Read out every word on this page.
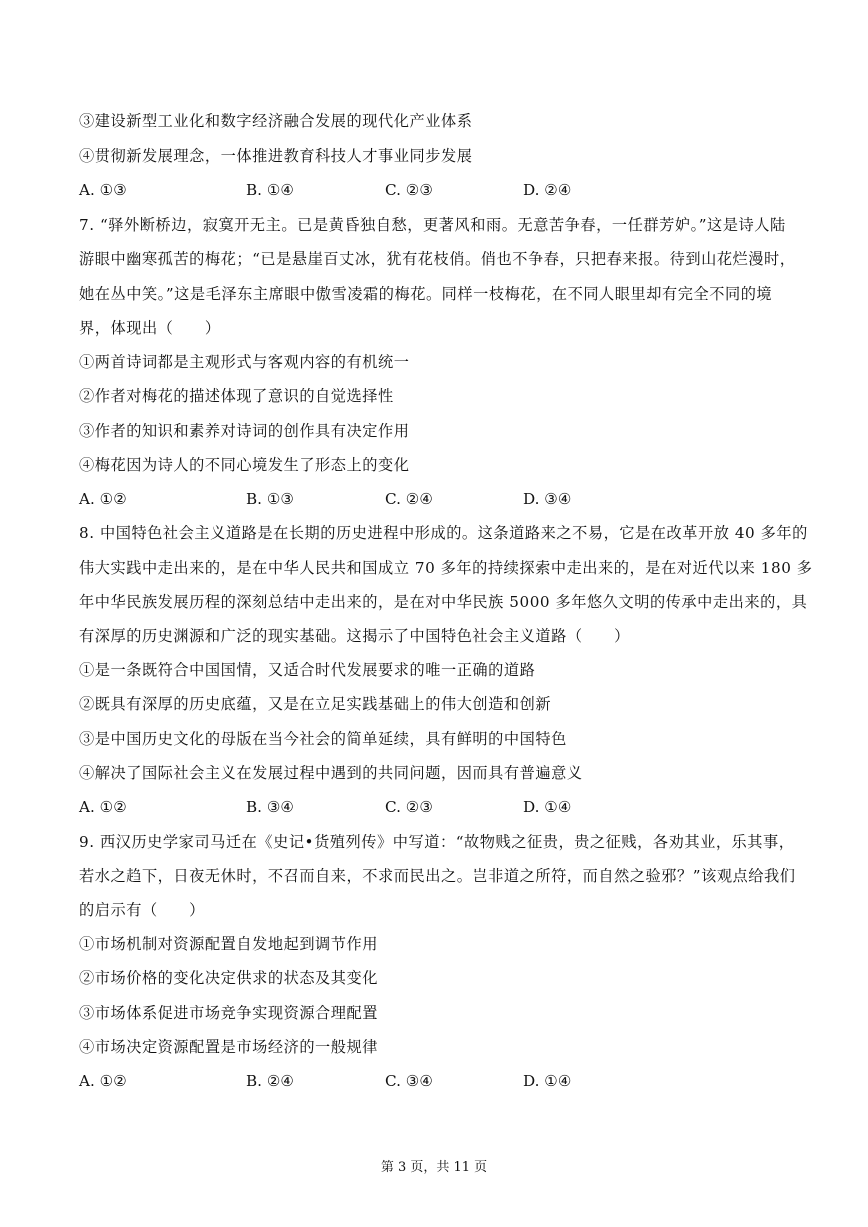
③建设新型工业化和数字经济融合发展的现代化产业体系
④贯彻新发展理念，一体推进教育科技人才事业同步发展
A. ①③	B. ①④	C. ②③	D. ②④
7. “驿外断桥边，寂寞开无主。已是黄昏独自愁，更著风和雨。无意苦争春，一任群芳妒。”这是诗人陆
游眼中幽寒孤苦的梅花；“已是悬崖百丈冰，犹有花枝俏。俏也不争春，只把春来报。待到山花烂漫时，
她在丛中笑。”这是毛泽东主席眼中傲雪凌霜的梅花。同样一枝梅花，在不同人眼里却有完全不同的境
界，体现出（　　）
①两首诗词都是主观形式与客观内容的有机统一
②作者对梅花的描述体现了意识的自觉选择性
③作者的知识和素养对诗词的创作具有决定作用
④梅花因为诗人的不同心境发生了形态上的变化
A. ①②	B. ①③	C. ②④	D. ③④
8. 中国特色社会主义道路是在长期的历史进程中形成的。这条道路来之不易，它是在改革开放 40 多年的
伟大实践中走出来的，是在中华人民共和国成立 70 多年的持续探索中走出来的，是在对近代以来 180 多
年中华民族发展历程的深刻总结中走出来的，是在对中华民族 5000 多年悠久文明的传承中走出来的，具
有深厚的历史渊源和广泛的现实基础。这揭示了中国特色社会主义道路（　　）
①是一条既符合中国国情，又适合时代发展要求的唯一正确的道路
②既具有深厚的历史底蕴，又是在立足实践基础上的伟大创造和创新
③是中国历史文化的母版在当今社会的简单延续，具有鲜明的中国特色
④解决了国际社会主义在发展过程中遇到的共同问题，因而具有普遍意义
A. ①②	B. ③④	C. ②③	D. ①④
9. 西汉历史学家司马迁在《史记•货殖列传》中写道：“故物贱之征贵，贵之征贱，各劝其业，乐其事，
若水之趋下，日夜无休时，不召而自来，不求而民出之。岂非道之所符，而自然之验邪？”该观点给我们
的启示有（　　）
①市场机制对资源配置自发地起到调节作用
②市场价格的变化决定供求的状态及其变化
③市场体系促进市场竞争实现资源合理配置
④市场决定资源配置是市场经济的一般规律
A. ①②	B. ②④	C. ③④	D. ①④
第 3 页，共 11 页
